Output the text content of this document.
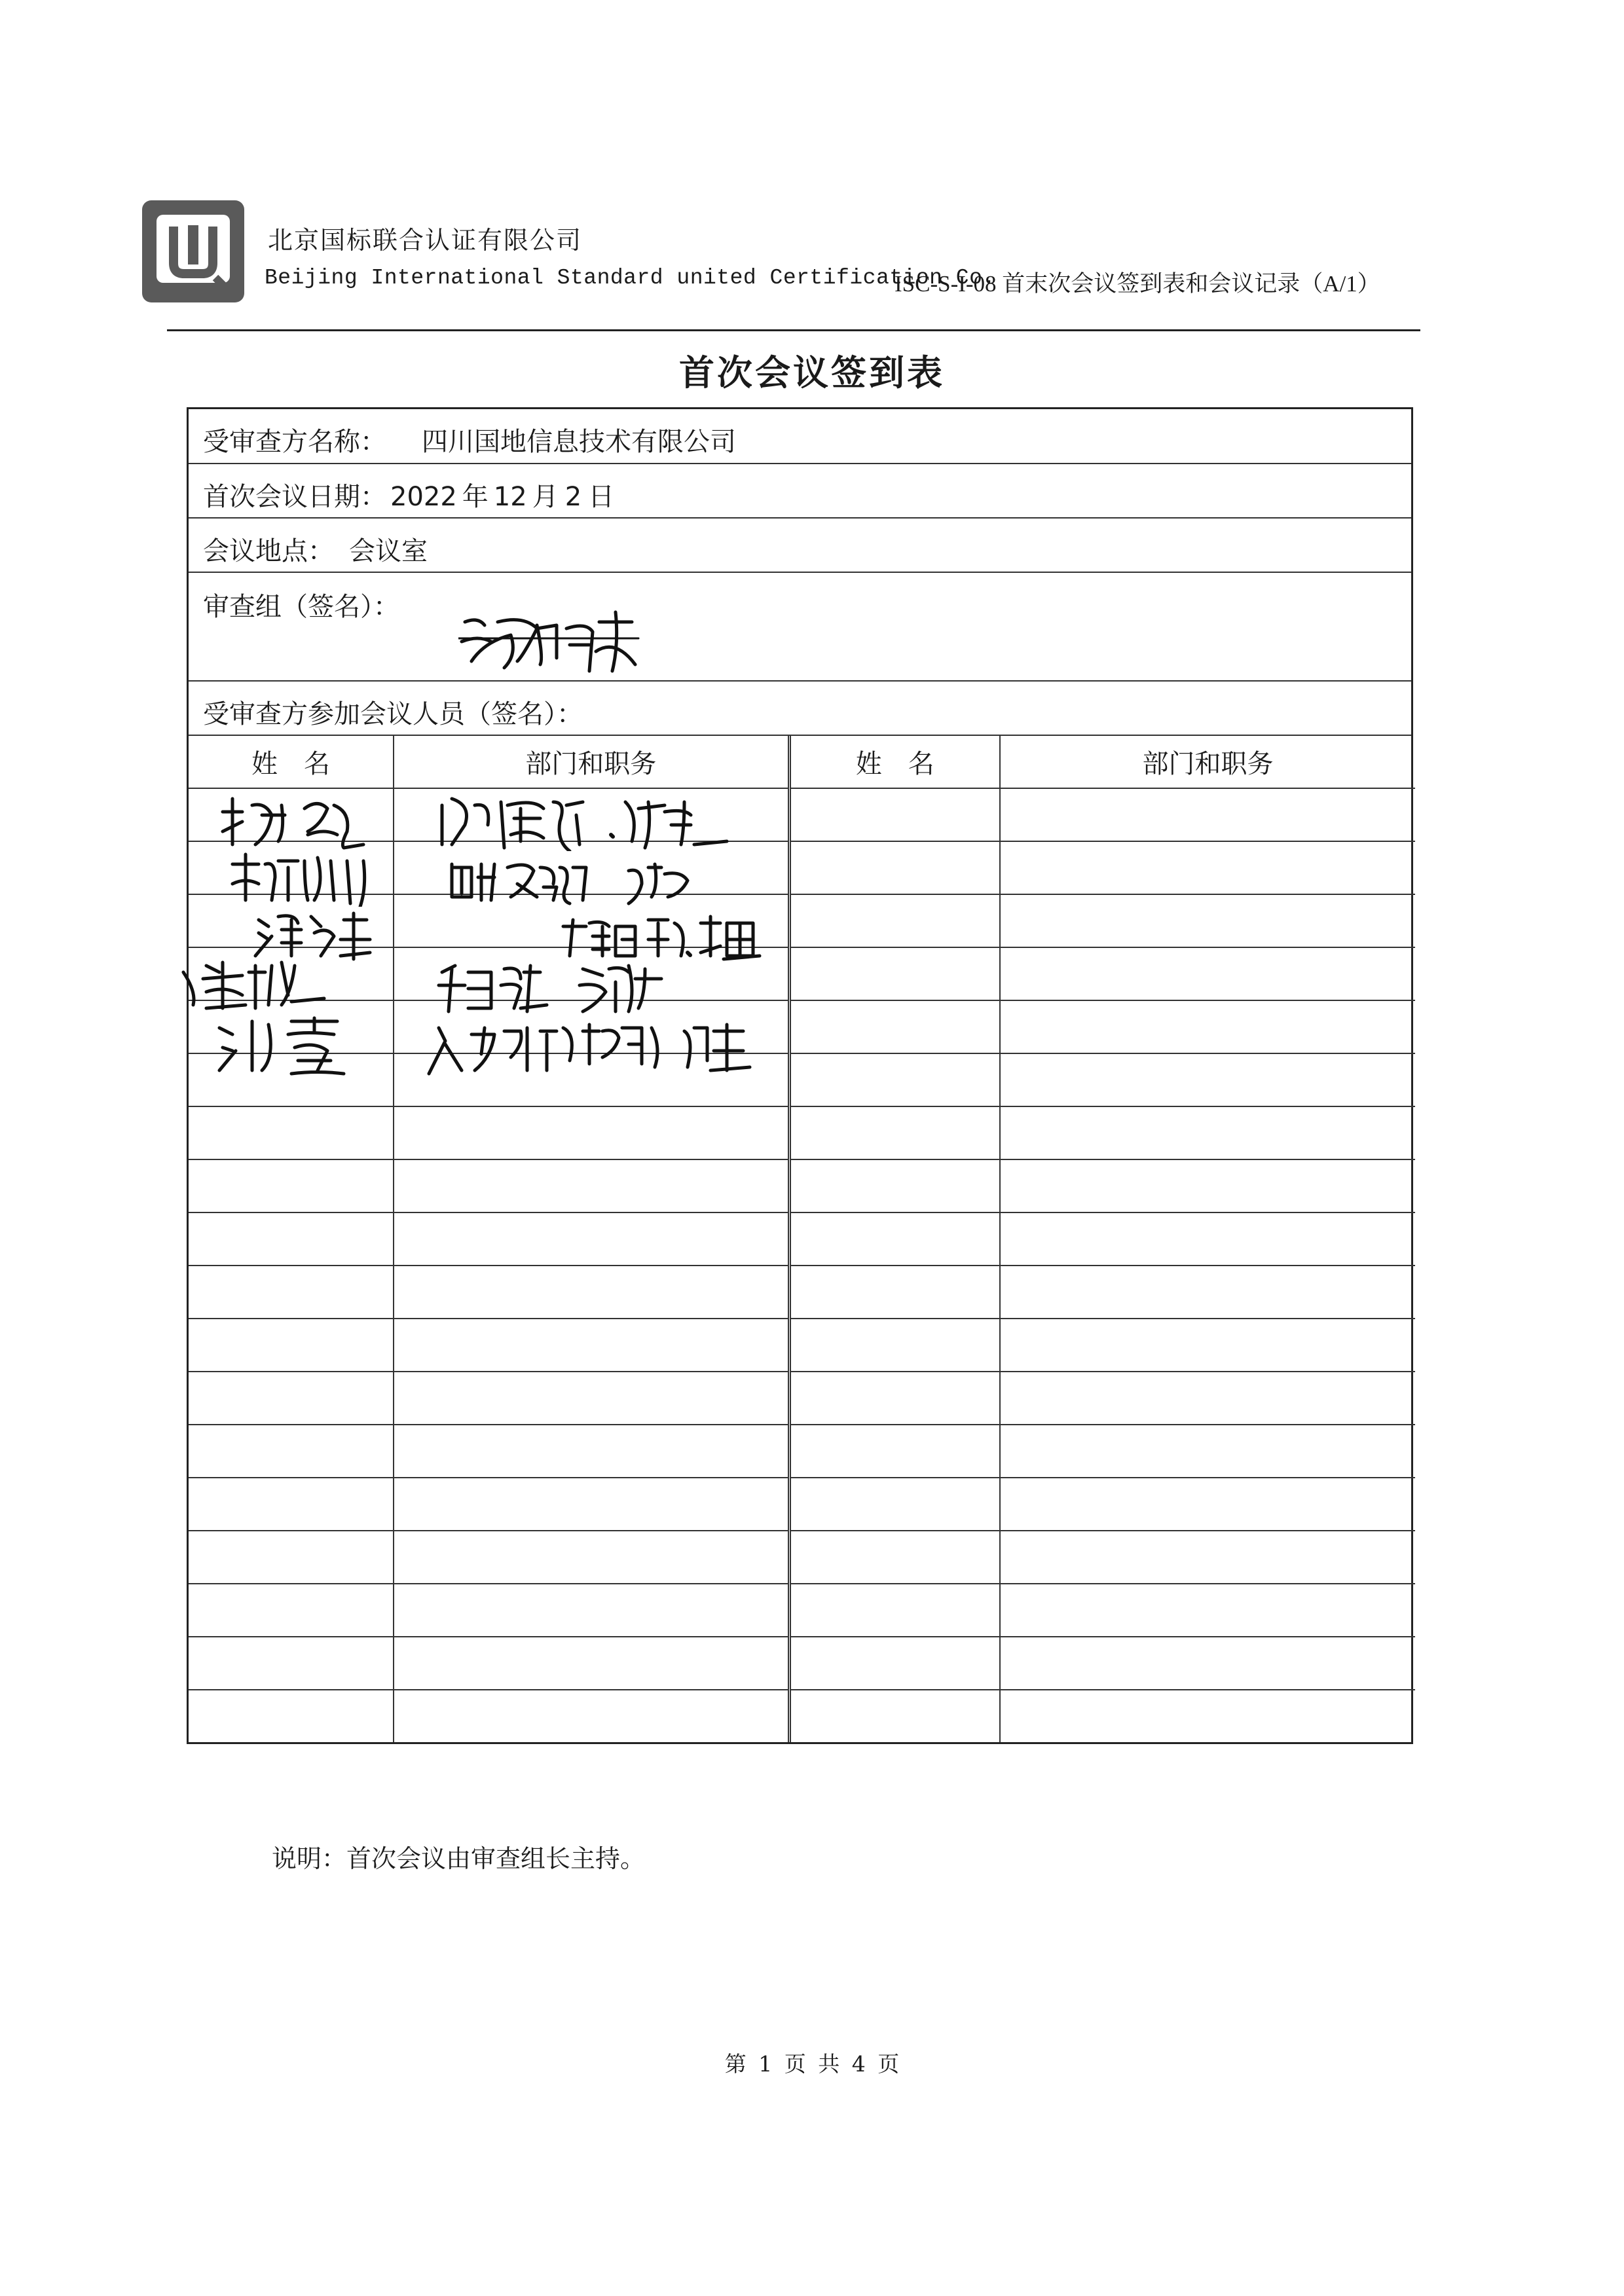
北京国标联合认证有限公司
Beijing International Standard united Certification Co.
ISC-S-I-08 首末次会议签到表和会议记录（A/1）
首次会议签到表
受审查方名称： 四川国地信息技术有限公司
首次会议日期： 2022 年 12 月 2 日
会议地点： 会议室
审查组（签名）：
受审查方参加会议人员（签名）：
姓　名	部门和职务	姓　名	部门和职务

说明：首次会议由审查组长主持。
第 1 页 共 4 页
